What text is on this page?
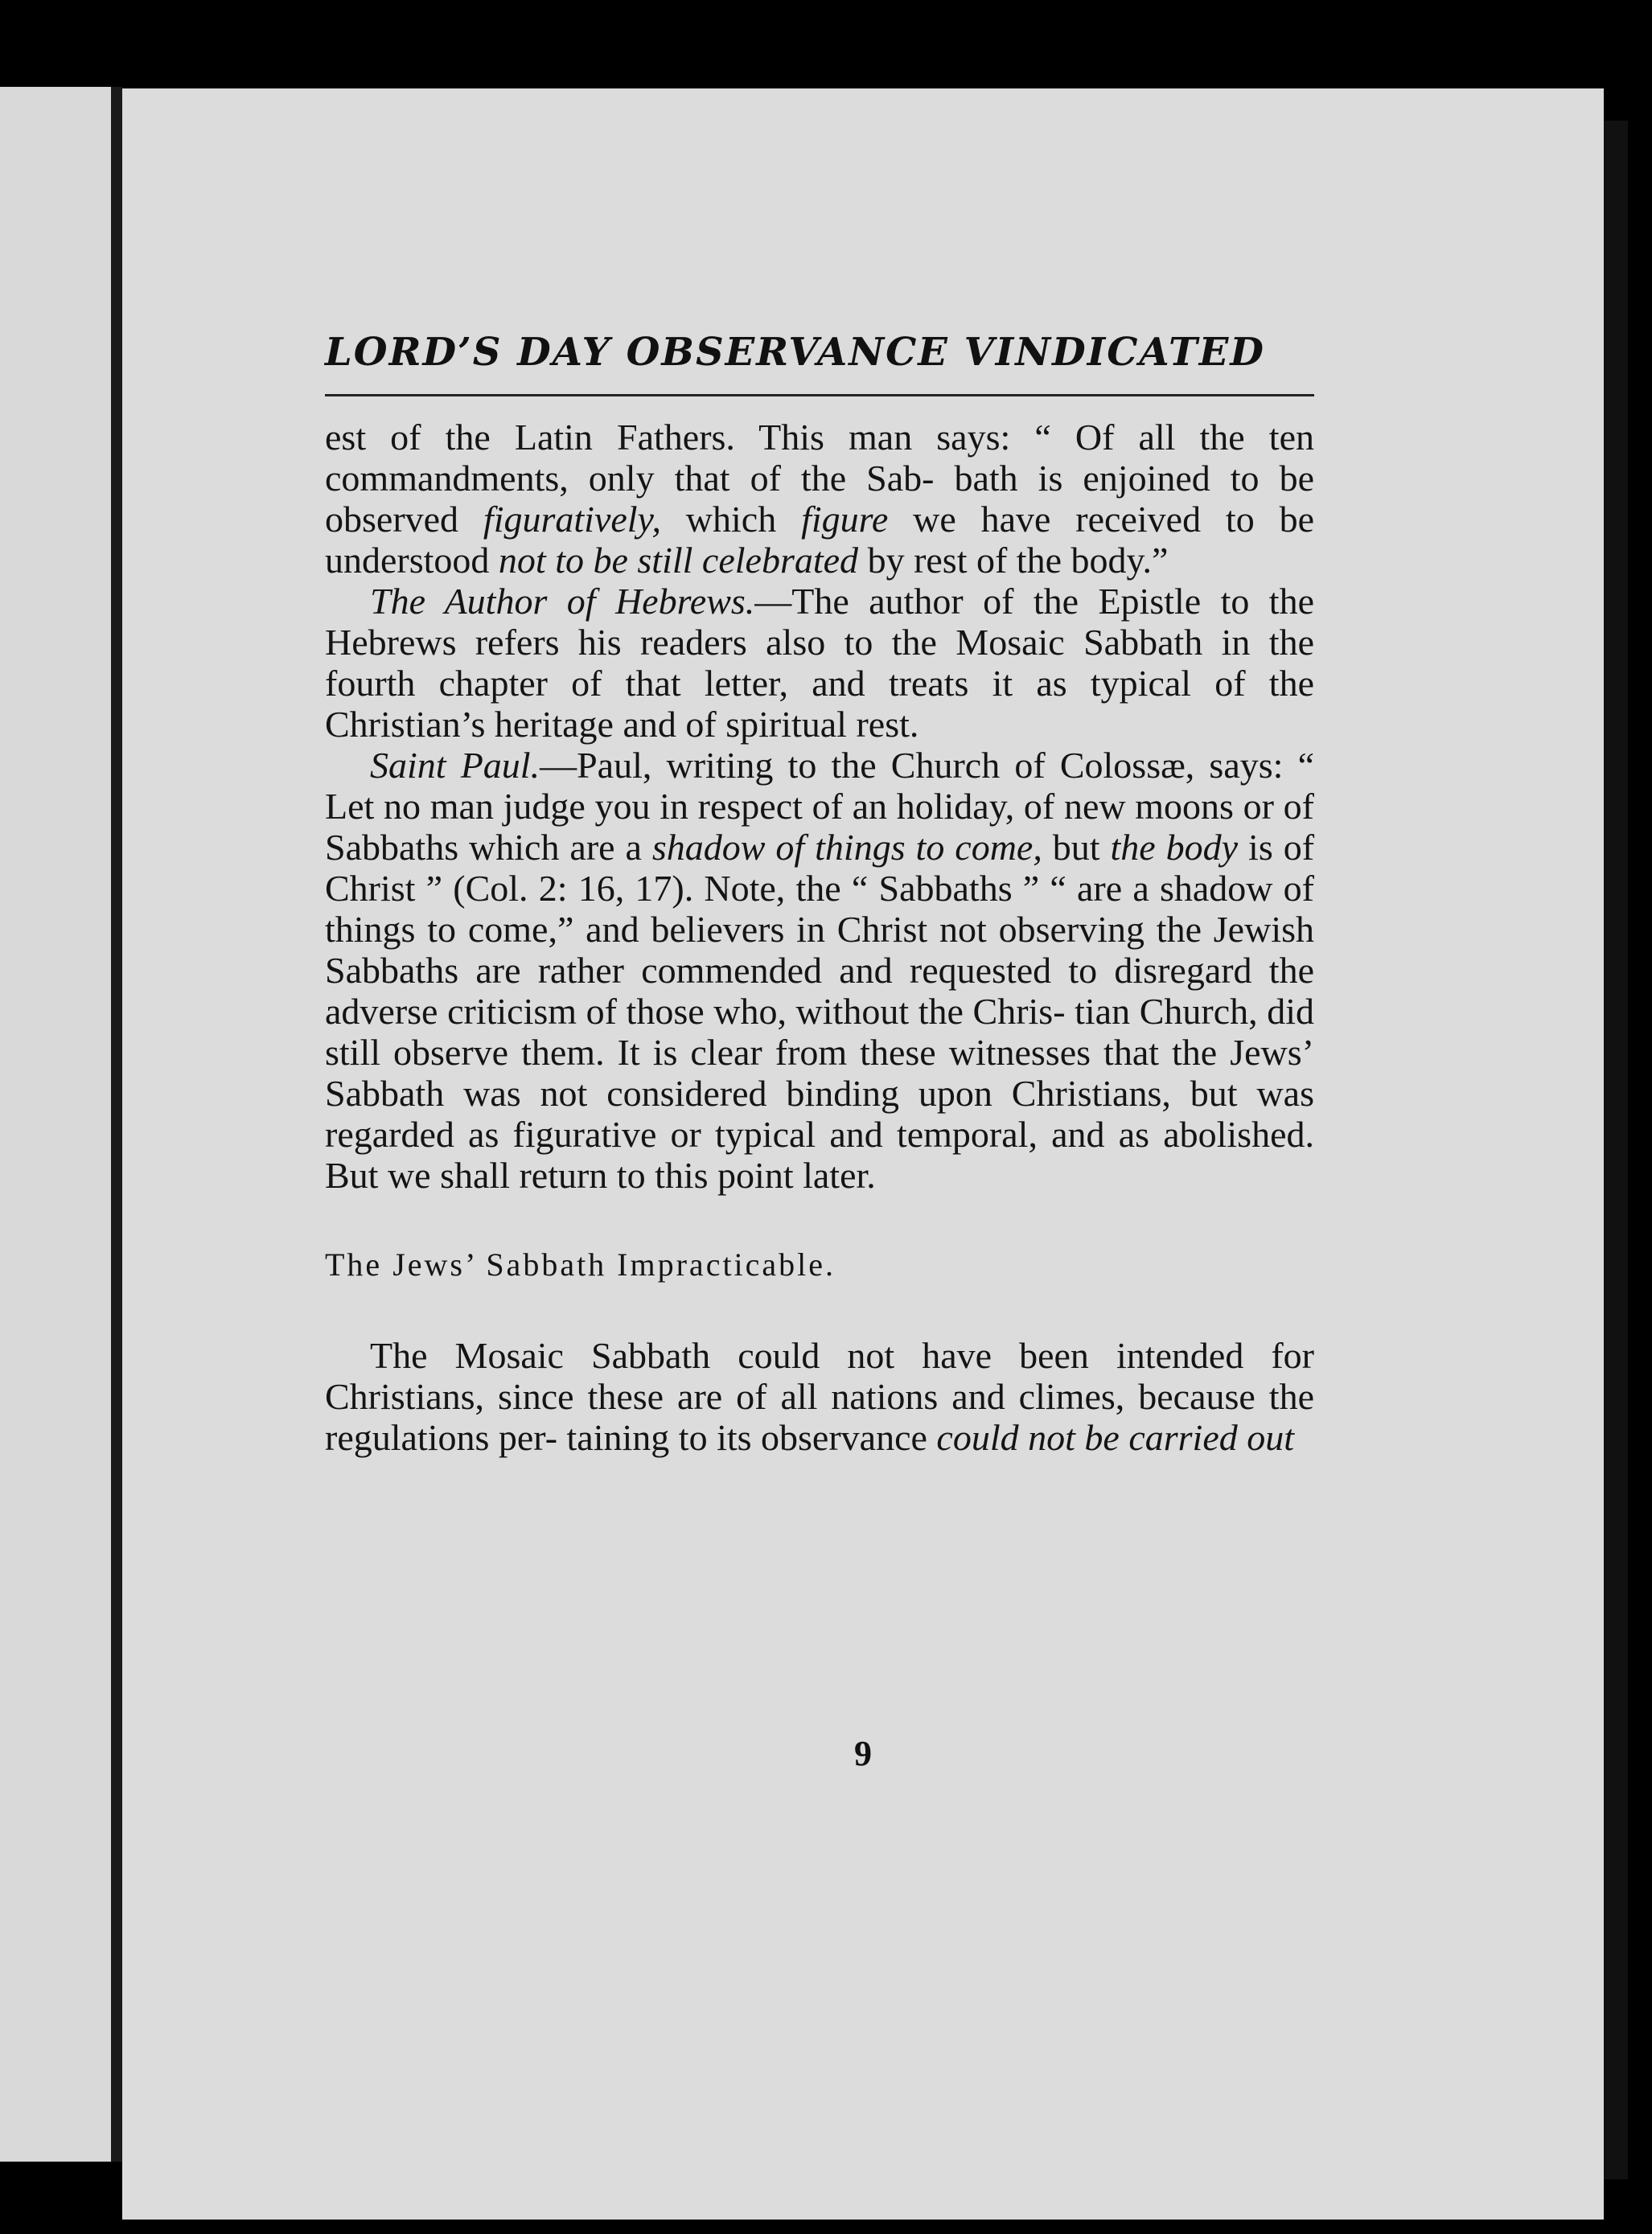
LORD’S DAY OBSERVANCE VINDICATED

est of the Latin Fathers. This man says: “ Of all the ten commandments, only that of the Sab- bath is enjoined to be observed figuratively, which figure we have received to be understood not to be still celebrated by rest of the body.”

The Author of Hebrews.—The author of the Epistle to the Hebrews refers his readers also to the Mosaic Sabbath in the fourth chapter of that letter, and treats it as typical of the Christian’s heritage and of spiritual rest.

Saint Paul.—Paul, writing to the Church of Colossæ, says: “ Let no man judge you in respect of an holiday, of new moons or of Sabbaths which are a shadow of things to come, but the body is of Christ ” (Col. 2: 16, 17). Note, the “ Sabbaths ” “ are a shadow of things to come,” and believers in Christ not observing the Jewish Sabbaths are rather commended and requested to disregard the adverse criticism of those who, without the Chris- tian Church, did still observe them. It is clear from these witnesses that the Jews’ Sabbath was not considered binding upon Christians, but was regarded as figurative or typical and temporal, and as abolished. But we shall return to this point later.

The Jews’ Sabbath Impracticable.

The Mosaic Sabbath could not have been intended for Christians, since these are of all nations and climes, because the regulations per- taining to its observance could not be carried out

9
